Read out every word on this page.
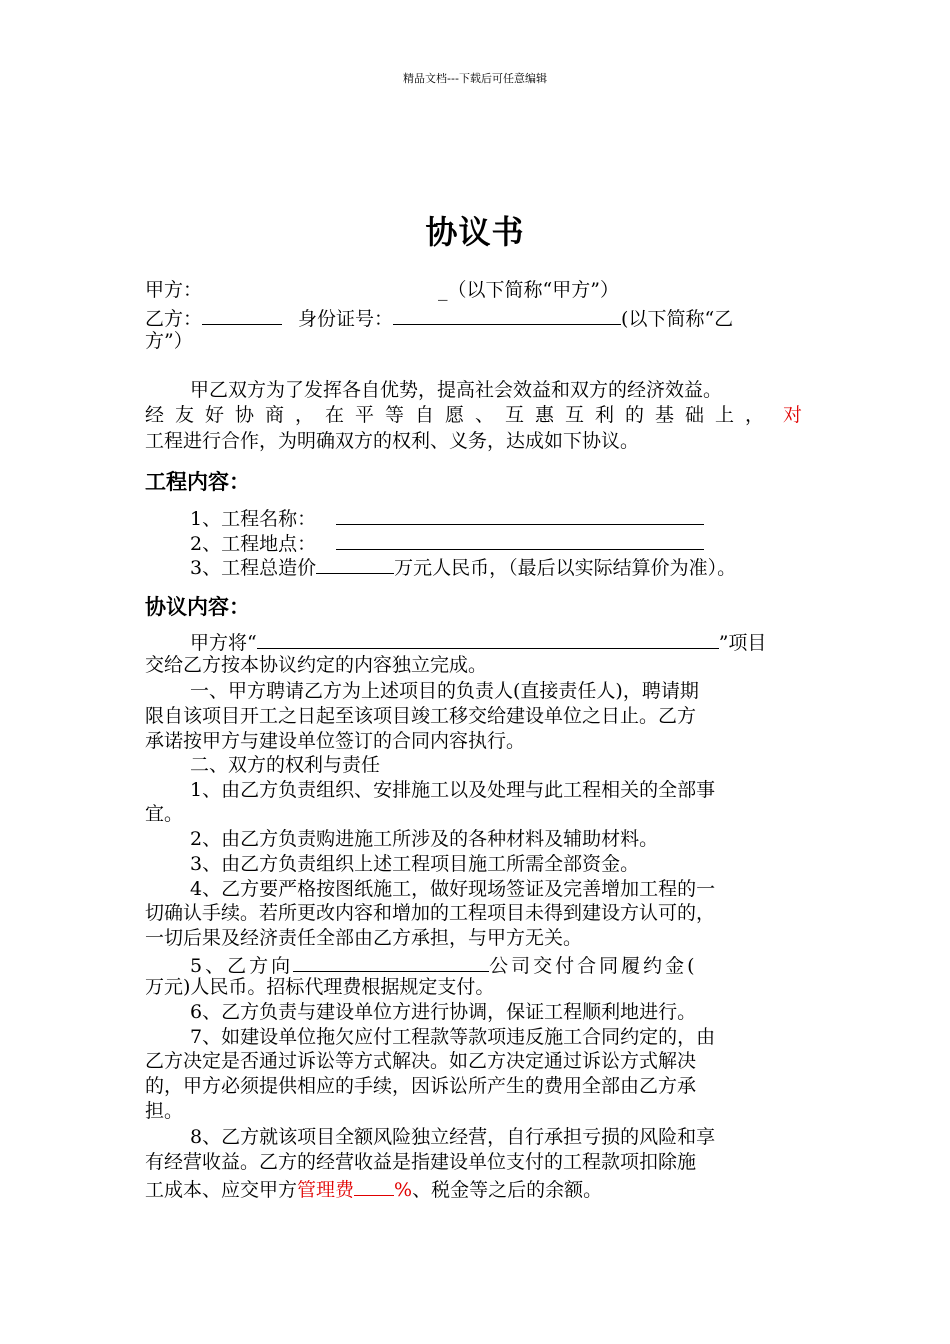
精品文档---下载后可任意编辑
协议书
甲方：	_（以下简称“甲方”）
乙方：	身份证号：	(以下简称“乙
方”）
甲乙双方为了发挥各自优势，提高社会效益和双方的经济效益。
经友好协商，在平等自愿、互惠互利的基础上， 对
工程进行合作，为明确双方的权利、义务，达成如下协议。
工程内容：
1、工程名称：
2、工程地点：
3、工程总造价	万元人民币，（最后以实际结算价为准）。
协议内容：
甲方将“	”项目
交给乙方按本协议约定的内容独立完成。
一、甲方聘请乙方为上述项目的负责人(直接责任人)，聘请期
限自该项目开工之日起至该项目竣工移交给建设单位之日止。乙方
承诺按甲方与建设单位签订的合同内容执行。
二、双方的权利与责任
1、由乙方负责组织、安排施工以及处理与此工程相关的全部事
宜。
2、由乙方负责购进施工所涉及的各种材料及辅助材料。
3、由乙方负责组织上述工程项目施工所需全部资金。
4、乙方要严格按图纸施工，做好现场签证及完善增加工程的一
切确认手续。若所更改内容和增加的工程项目未得到建设方认可的，
一切后果及经济责任全部由乙方承担，与甲方无关。
5、乙方向	公司交付合同履约金(
万元)人民币。招标代理费根据规定支付。
6、乙方负责与建设单位方进行协调，保证工程顺利地进行。
7、如建设单位拖欠应付工程款等款项违反施工合同约定的，由
乙方决定是否通过诉讼等方式解决。如乙方决定通过诉讼方式解决
的，甲方必须提供相应的手续，因诉讼所产生的费用全部由乙方承
担。
8、乙方就该项目全额风险独立经营，自行承担亏损的风险和享
有经营收益。乙方的经营收益是指建设单位支付的工程款项扣除施
工成本、应交甲方管理费 %、税金等之后的余额。
